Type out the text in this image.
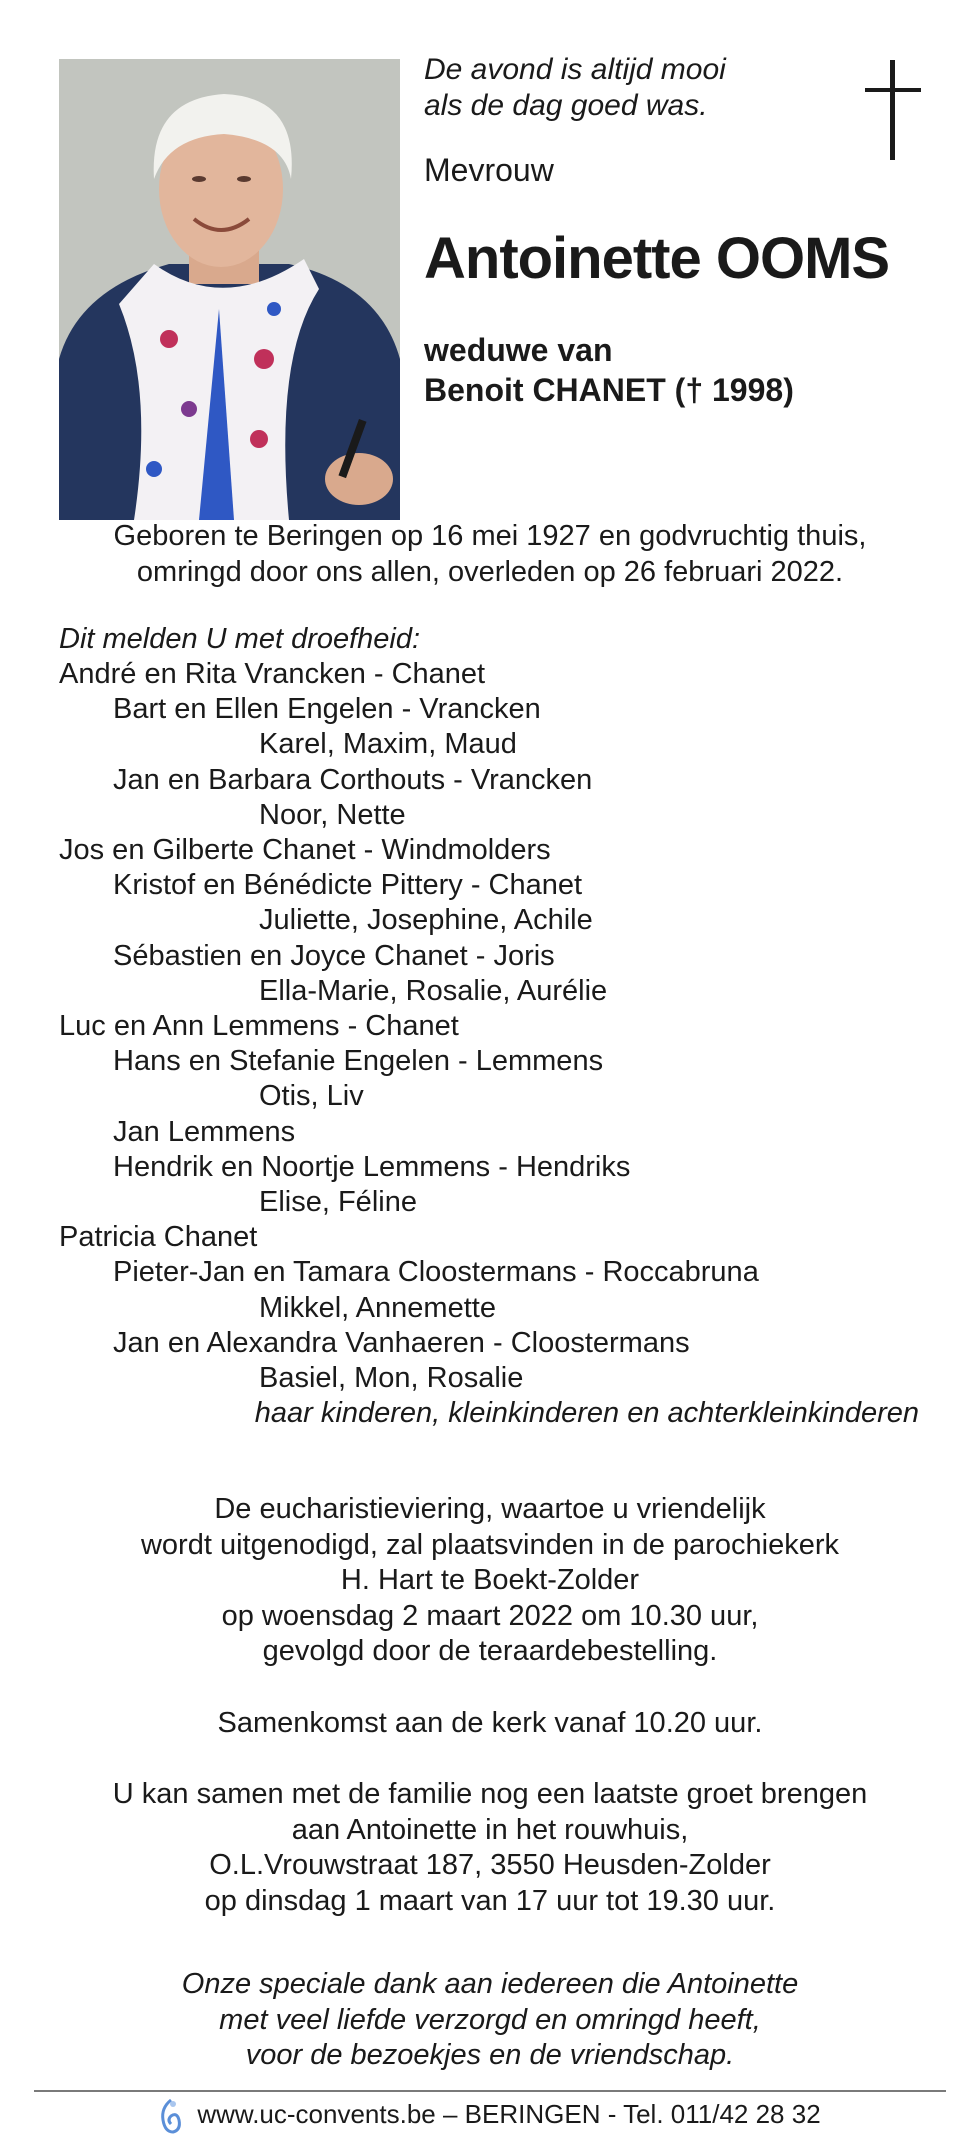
De avond is altijd mooi
als de dag goed was.
Mevrouw
Antoinette OOMS
weduwe van
Benoit CHANET († 1998)
Geboren te Beringen op 16 mei 1927 en godvruchtig thuis,
omringd door ons allen, overleden op 26 februari 2022.
Dit melden U met droefheid:
André en Rita Vrancken - Chanet
Bart en Ellen Engelen - Vrancken
Karel, Maxim, Maud
Jan en Barbara Corthouts - Vrancken
Noor, Nette
Jos en Gilberte Chanet - Windmolders
Kristof en Bénédicte Pittery - Chanet
Juliette, Josephine, Achile
Sébastien en Joyce Chanet - Joris
Ella-Marie, Rosalie, Aurélie
Luc en Ann Lemmens - Chanet
Hans en Stefanie Engelen - Lemmens
Otis, Liv
Jan Lemmens
Hendrik en Noortje Lemmens - Hendriks
Elise, Féline
Patricia Chanet
Pieter-Jan en Tamara Cloostermans - Roccabruna
Mikkel, Annemette
Jan en Alexandra Vanhaeren - Cloostermans
Basiel, Mon, Rosalie
haar kinderen, kleinkinderen en achterkleinkinderen

De eucharistieviering, waartoe u vriendelijk
wordt uitgenodigd, zal plaatsvinden in de parochiekerk
H. Hart te Boekt-Zolder
op woensdag 2 maart 2022 om 10.30 uur,
gevolgd door de teraardebestelling.

Samenkomst aan de kerk vanaf 10.20 uur.

U kan samen met de familie nog een laatste groet brengen
aan Antoinette in het rouwhuis,
O.L.Vrouwstraat 187, 3550 Heusden-Zolder
op dinsdag 1 maart van 17 uur tot 19.30 uur.

Onze speciale dank aan iedereen die Antoinette
met veel liefde verzorgd en omringd heeft,
voor de bezoekjes en de vriendschap.
www.uc-convents.be – BERINGEN - Tel. 011/42 28 32
